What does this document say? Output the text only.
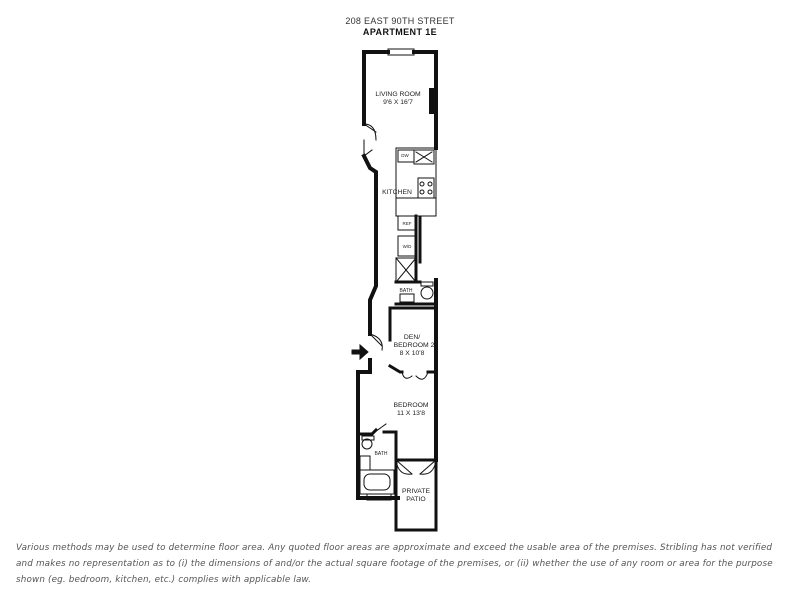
208 EAST 90TH STREET
APARTMENT 1E
LIVING ROOM
9'6 X 16'7
DW
KITCHEN
REF
W/D
BATH
DEN/
BEDROOM 2
8 X 10'8
BEDROOM
11 X 13'8
BATH
PRIVATE
PATIO
Various methods may be used to determine floor area. Any quoted floor areas are approximate and exceed the usable area of the premises. Stribling has not verified and makes no representation as to (i) the dimensions of and/or the actual square footage of the premises, or (ii) whether the use of any room or area for the purpose shown (eg. bedroom, kitchen, etc.) complies with applicable law.
